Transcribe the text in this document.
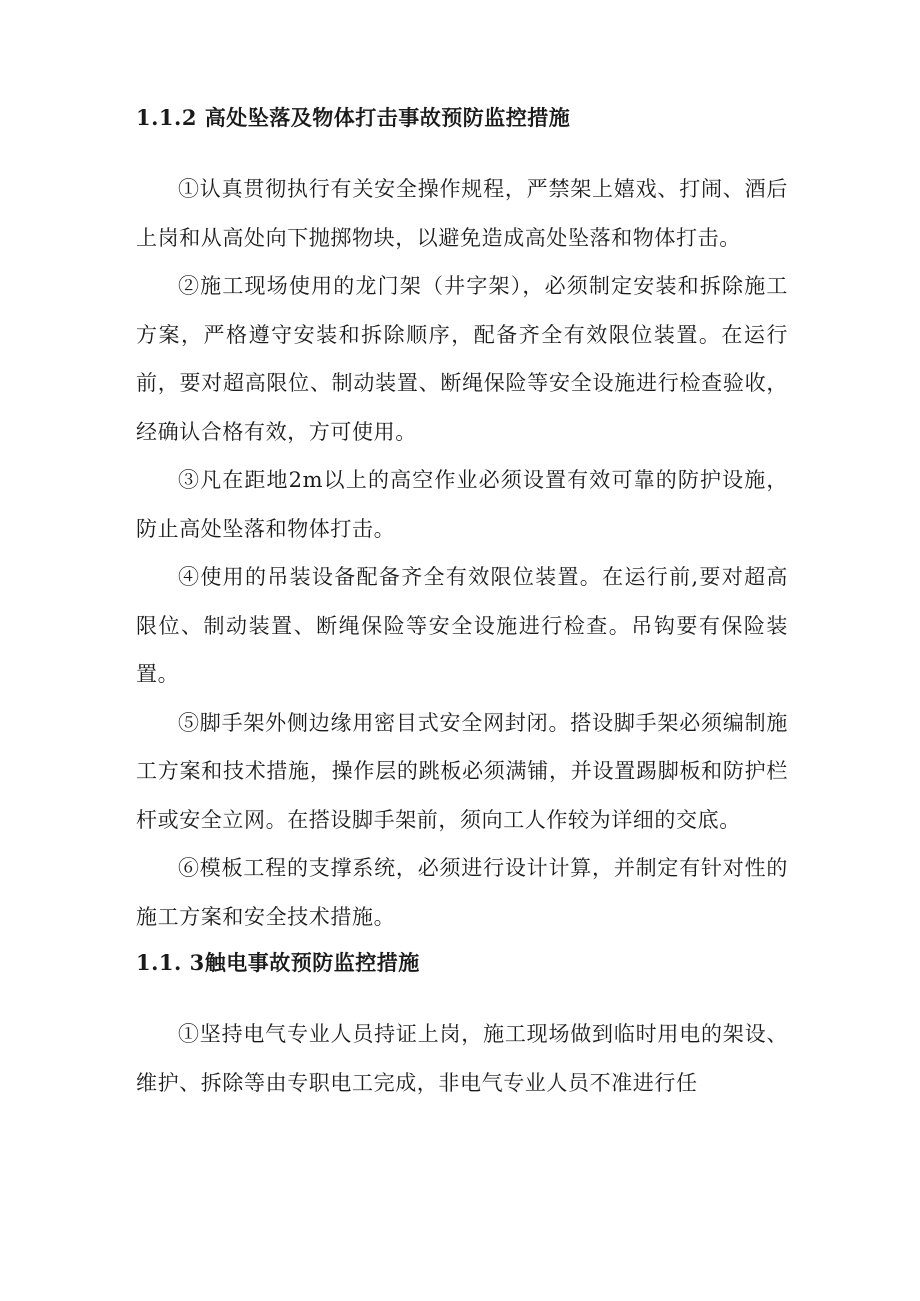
1.1.2 高处坠落及物体打击事故预防监控措施

①认真贯彻执行有关安全操作规程，严禁架上嬉戏、打闹、酒后上岗和从高处向下抛掷物块，以避免造成高处坠落和物体打击。

②施工现场使用的龙门架（井字架），必须制定安装和拆除施工方案，严格遵守安装和拆除顺序，配备齐全有效限位装置。在运行前，要对超高限位、制动装置、断绳保险等安全设施进行检查验收，经确认合格有效，方可使用。

③凡在距地2m以上的高空作业必须设置有效可靠的防护设施，防止高处坠落和物体打击。

④使用的吊装设备配备齐全有效限位装置。在运行前,要对超高限位、制动装置、断绳保险等安全设施进行检查。吊钩要有保险装置。

⑤脚手架外侧边缘用密目式安全网封闭。搭设脚手架必须编制施工方案和技术措施，操作层的跳板必须满铺，并设置踢脚板和防护栏杆或安全立网。在搭设脚手架前，须向工人作较为详细的交底。

⑥模板工程的支撑系统，必须进行设计计算，并制定有针对性的施工方案和安全技术措施。

1.1. 3触电事故预防监控措施

①坚持电气专业人员持证上岗，施工现场做到临时用电的架设、维护、拆除等由专职电工完成，非电气专业人员不准进行任
